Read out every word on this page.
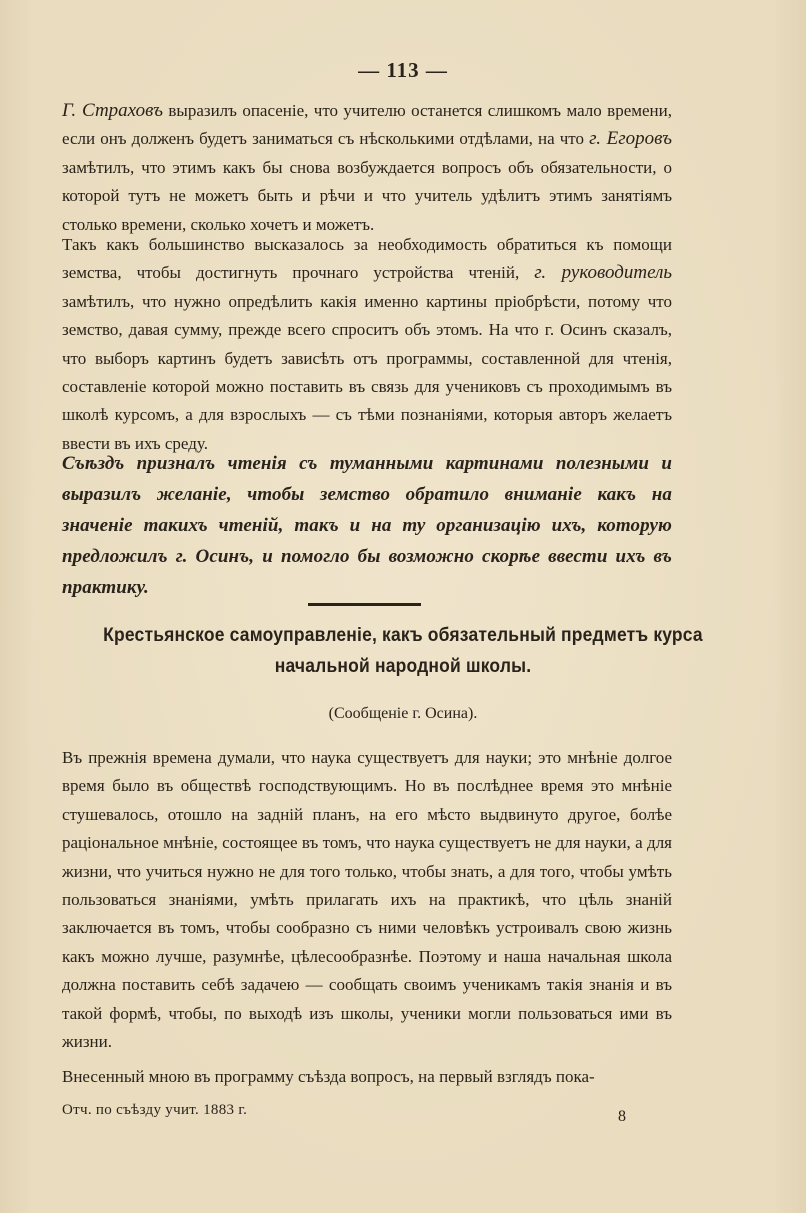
— 113 —

Г. Страховъ выразилъ опасеніе, что учителю останется слишкомъ мало времени, если онъ долженъ будетъ заниматься съ нѣсколькими отдѣлами, на что г. Егоровъ замѣтилъ, что этимъ какъ бы снова возбуждается вопросъ объ обязательности, о которой тутъ не можетъ быть и рѣчи и что учитель удѣлитъ этимъ занятіямъ столько времени, сколько хочетъ и можетъ.

Такъ какъ большинство высказалось за необходимость обратиться къ помощи земства, чтобы достигнуть прочнаго устройства чтеній, г. руководитель замѣтилъ, что нужно опредѣлить какія именно картины пріобрѣсти, потому что земство, давая сумму, прежде всего спроситъ объ этомъ. На что г. Осинъ сказалъ, что выборъ картинъ будетъ зависѣть отъ программы, составленной для чтенія, составленіе которой можно поставить въ связь для учениковъ съ проходимымъ въ школѣ курсомъ, а для взрослыхъ — съ тѣми познаніями, которыя авторъ желаетъ ввести въ ихъ среду.

Съѣздъ призналъ чтенія съ туманными картинами полезными и выразилъ желаніе, чтобы земство обратило вниманіе какъ на значеніе такихъ чтеній, такъ и на ту организацію ихъ, которую предложилъ г. Осинъ, и помогло бы возможно скорѣе ввести ихъ въ практику.

Крестьянское самоуправленіе, какъ обязательный предметъ курса начальной народной школы.
(Сообщеніе г. Осина).

Въ прежнія времена думали, что наука существуетъ для науки; это мнѣніе долгое время было въ обществѣ господствующимъ. Но въ послѣднее время это мнѣніе стушевалось, отошло на задній планъ, на его мѣсто выдвинуто другое, болѣе раціональное мнѣніе, состоящее въ томъ, что наука существуетъ не для науки, а для жизни, что учиться нужно не для того только, чтобы знать, а для того, чтобы умѣть пользоваться знаніями, умѣть прилагать ихъ на практикѣ, что цѣль знаній заключается въ томъ, чтобы сообразно съ ними человѣкъ устроивалъ свою жизнь какъ можно лучше, разумнѣе, цѣлесообразнѣе. Поэтому и наша начальная школа должна поставить себѣ задачею — сообщать своимъ ученикамъ такія знанія и въ такой формѣ, чтобы, по выходѣ изъ школы, ученики могли пользоваться ими въ жизни.

Внесенный мною въ программу съѣзда вопросъ, на первый взглядъ пока-

Отч. по съѣзду учит. 1883 г.	8
